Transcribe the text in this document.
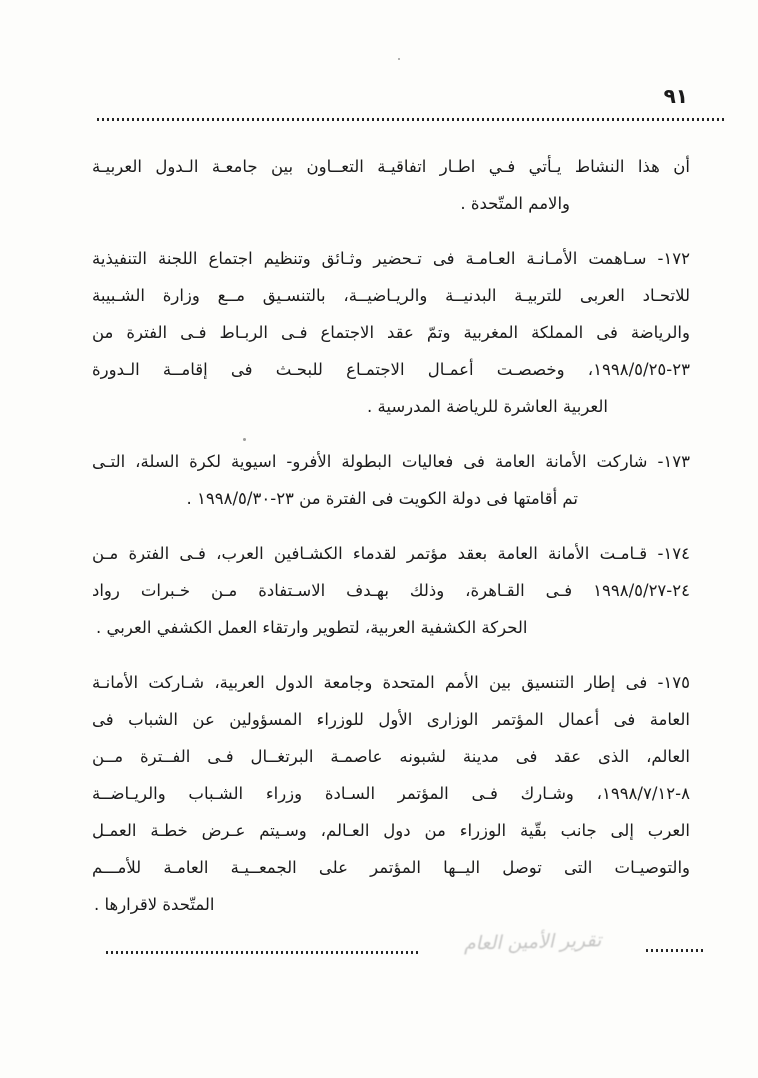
٩١
أن هذا النشاط يـأتي فـي اطـار اتفاقيـة التعــاون بين جامعـة الـدول العربيـة
والامم المتّحدة .
١٧٢- سـاهمت الأمـانـة العـامـة فى تـحضير وثـائق وتنظيم اجتماع اللجنة التنفيذية
للاتحـاد العربى للتربيـة البدنيــة والريـاضيــة، بالتنسـيق مــع وزارة الشـبيبة
والرياضة فى المملكة المغربية وتمّ عقد الاجتماع فـى الربـاط فـى الفترة من
٢٣-٢٥‏/٥‏/١٩٩٨، وخصصـت أعمـال الاجتمـاع للبحـث فى إقامــة الـدورة
العربية العاشرة للرياضة المدرسية .
١٧٣- شاركت الأمانة العامة فى فعاليات البطولة الأفرو- اسيوية لكرة السلة، التـى
تم أقامتها فى دولة الكويت فى الفترة من ٢٣-٣٠‏/٥‏/١٩٩٨ .
١٧٤- قـامـت الأمانة العامة بعقد مؤتمر لقدماء الكشـافين العرب، فـى الفترة مـن
٢٤-٢٧‏/٥‏/١٩٩٨ فـى القـاهرة، وذلك بهـدف الاسـتفادة مـن خـبرات رواد
الحركة الكشفية العربية، لتطوير وارتقاء العمل الكشفي العربي .
١٧٥- فى إطار التنسيق بين الأمم المتحدة وجامعة الدول العربية، شـاركت الأمانـة
العامة فى أعمال المؤتمر الوزارى الأول للوزراء المسؤولين عن الشباب فى
العالم، الذى عقد فى مدينة لشبونه عاصمـة البرتغــال فـى الفــترة مــن
٨-١٢‏/٧‏/١٩٩٨، وشـارك فـى المؤتمر السـادة وزراء الشـباب والريـاضــة
العرب إلى جانب بقّية الوزراء من دول العـالم، وسـيتم عـرض خطـة العمـل
والتوصيـات التى توصل اليــها المؤتمر على الجمعــيـة العامـة للأمـــم
المتّحدة لاقرارها .
تقرير الأمين العام
